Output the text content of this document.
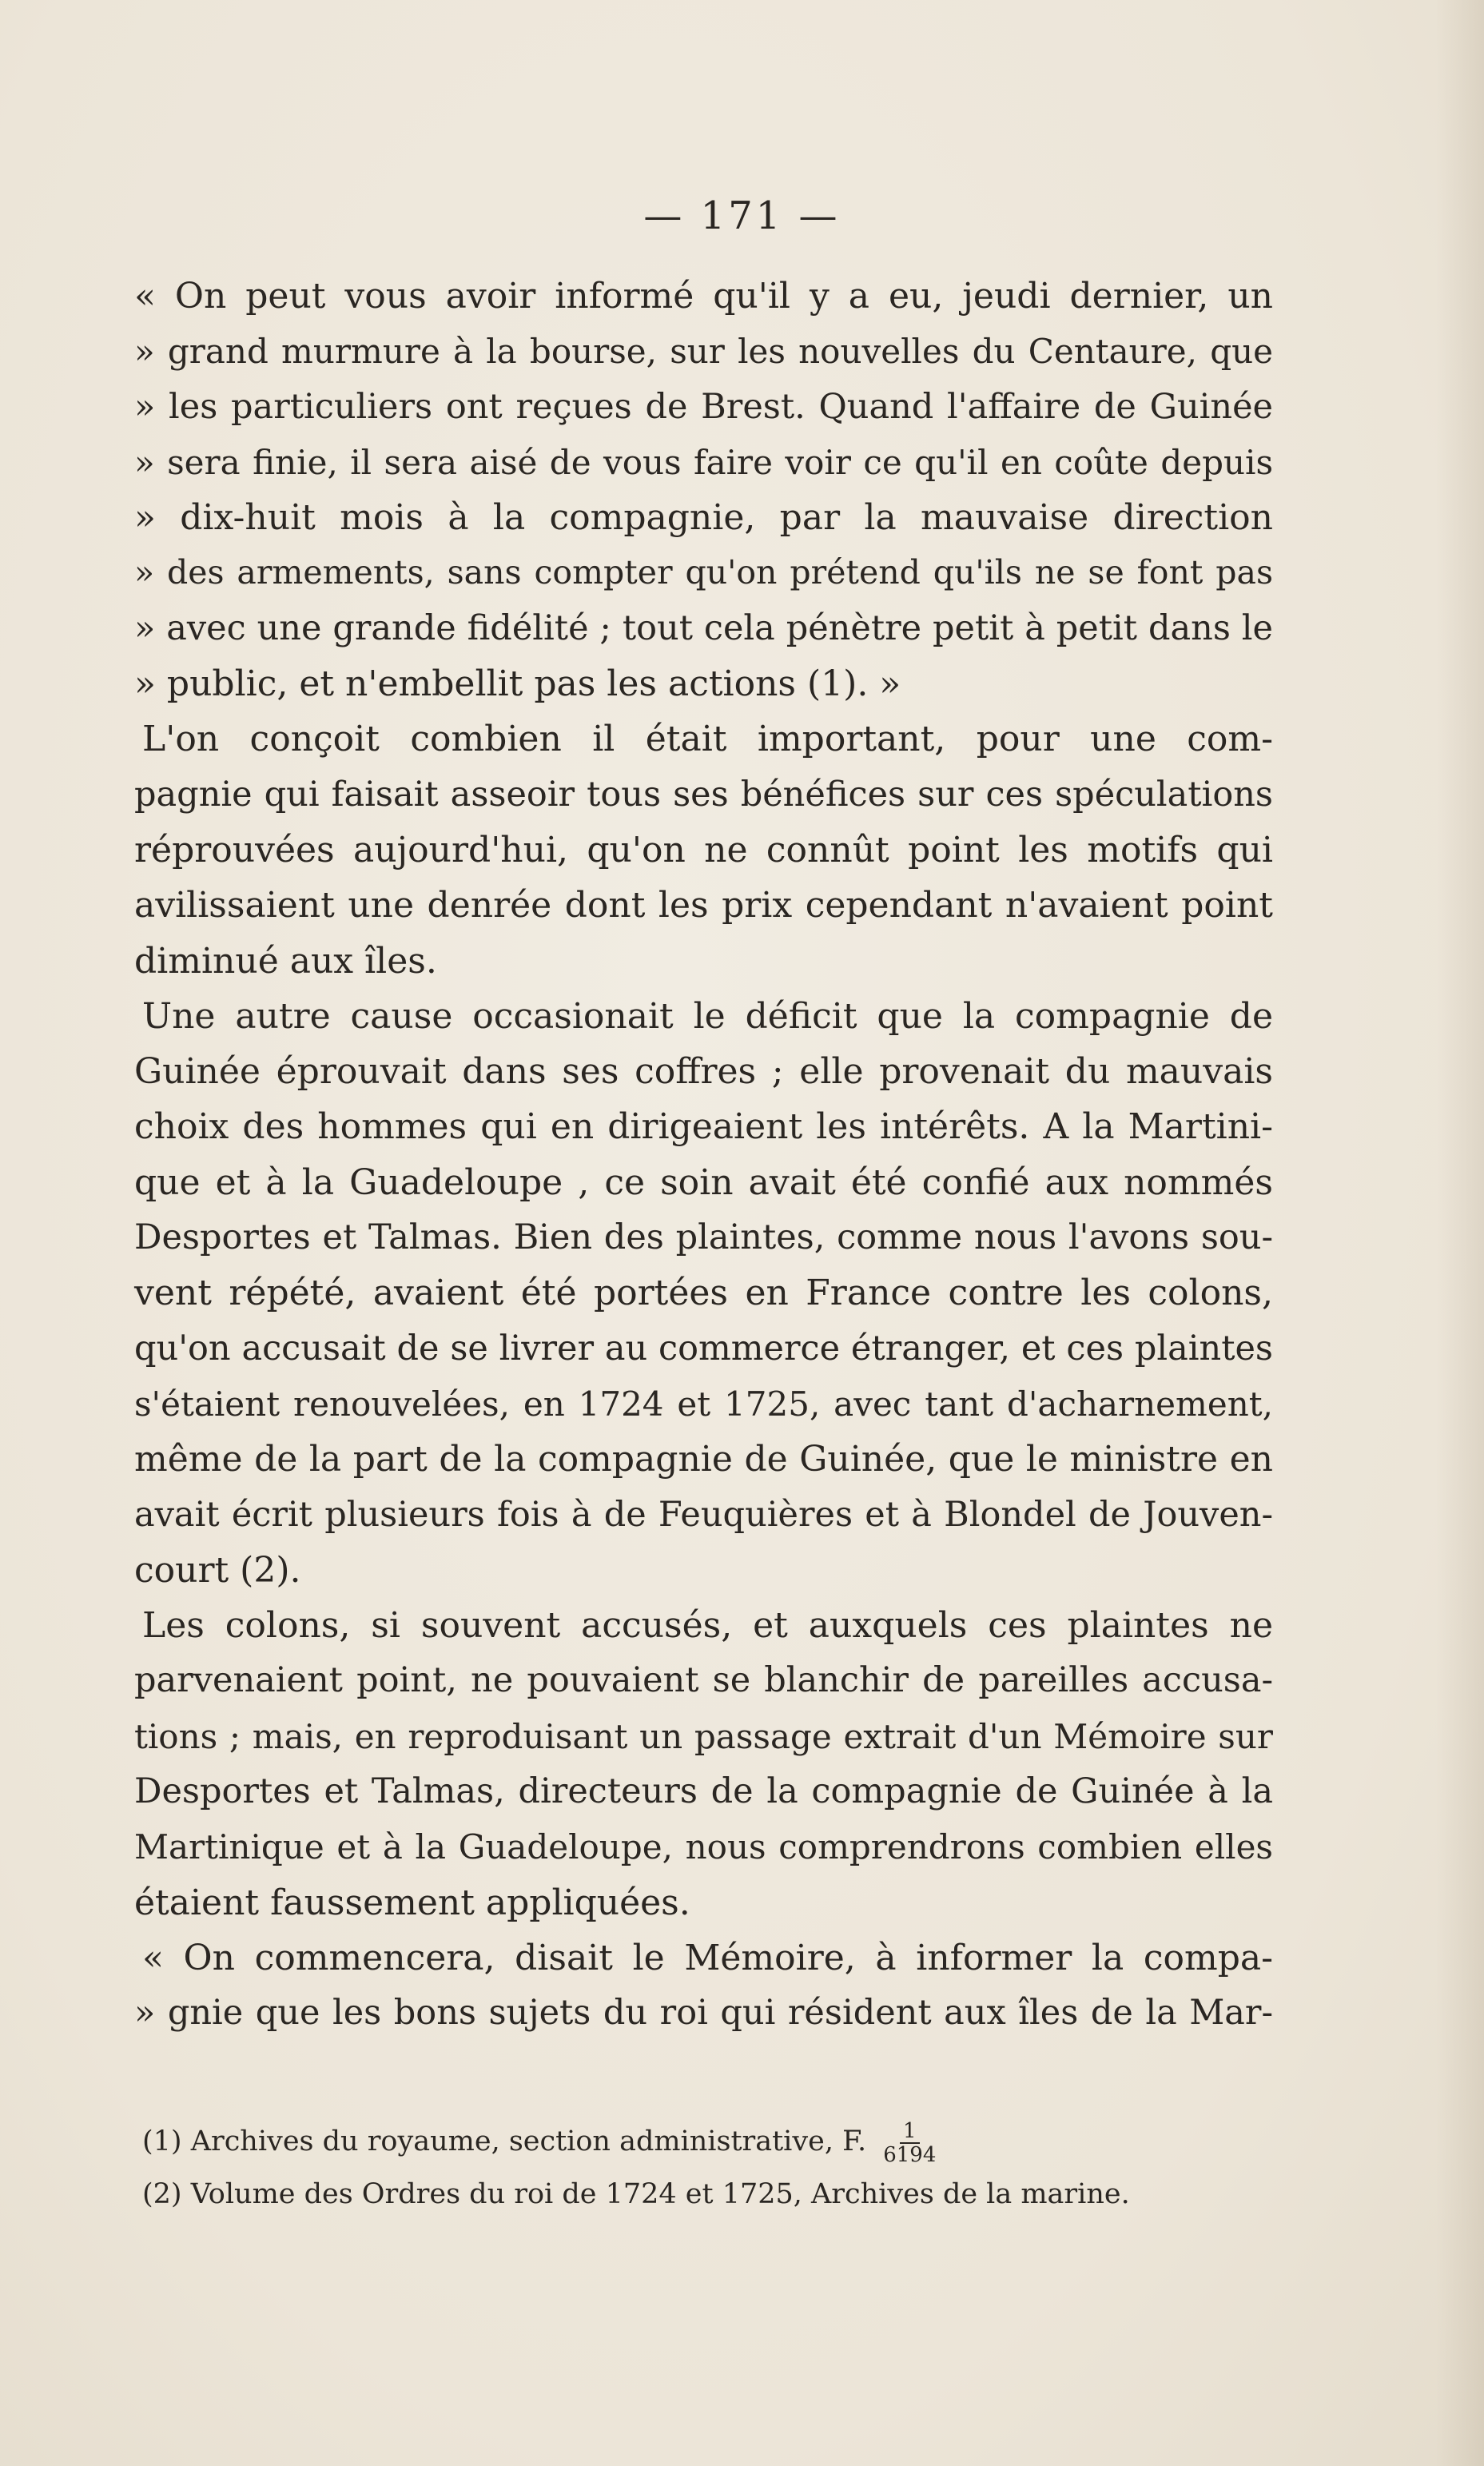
— 171 —

« On peut vous avoir informé qu'il y a eu, jeudi dernier, un
» grand murmure à la bourse, sur les nouvelles du Centaure, que
» les particuliers ont reçues de Brest. Quand l'affaire de Guinée
» sera finie, il sera aisé de vous faire voir ce qu'il en coûte depuis
» dix-huit mois à la compagnie, par la mauvaise direction
» des armements, sans compter qu'on prétend qu'ils ne se font pas
» avec une grande fidélité ; tout cela pénètre petit à petit dans le
» public, et n'embellit pas les actions (1). »

L'on conçoit combien il était important, pour une com-
pagnie qui faisait asseoir tous ses bénéfices sur ces spéculations
réprouvées aujourd'hui, qu'on ne connût point les motifs qui
avilissaient une denrée dont les prix cependant n'avaient point
diminué aux îles.

Une autre cause occasionait le déficit que la compagnie de
Guinée éprouvait dans ses coffres ; elle provenait du mauvais
choix des hommes qui en dirigeaient les intérêts. A la Martini-
que et à la Guadeloupe , ce soin avait été confié aux nommés
Desportes et Talmas. Bien des plaintes, comme nous l'avons sou-
vent répété, avaient été portées en France contre les colons,
qu'on accusait de se livrer au commerce étranger, et ces plaintes
s'étaient renouvelées, en 1724 et 1725, avec tant d'acharnement,
même de la part de la compagnie de Guinée, que le ministre en
avait écrit plusieurs fois à de Feuquières et à Blondel de Jouven-
court (2).

Les colons, si souvent accusés, et auxquels ces plaintes ne
parvenaient point, ne pouvaient se blanchir de pareilles accusa-
tions ; mais, en reproduisant un passage extrait d'un Mémoire sur
Desportes et Talmas, directeurs de la compagnie de Guinée à la
Martinique et à la Guadeloupe, nous comprendrons combien elles
étaient faussement appliquées.

« On commencera, disait le Mémoire, à informer la compa-
» gnie que les bons sujets du roi qui résident aux îles de la Mar-

(1) Archives du royaume, section administrative, F. $\frac{1}{6194}$
(2) Volume des Ordres du roi de 1724 et 1725, Archives de la marine.
